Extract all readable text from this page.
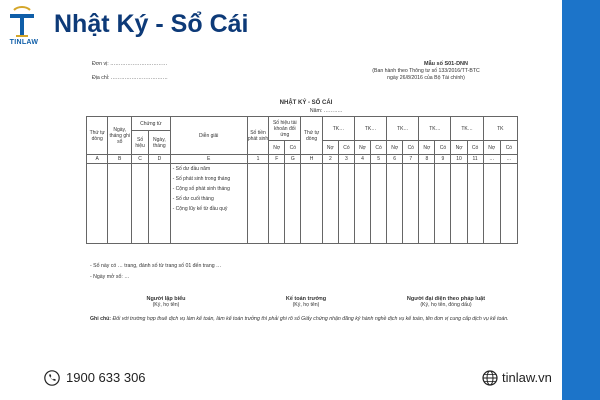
TINLAW
Nhật Ký - Sổ Cái
Đơn vị: ……………………………
Địa chỉ: ……………………………
Mẫu số S01-DNN
(Ban hành theo Thông tư số 133/2016/TT-BTC
ngày 26/8/2016 của Bộ Tài chính)
NHẬT KÝ - SỔ CÁI
Năm: ………..
Thứ tự dòng	Ngày, tháng ghi sổ	Chứng từ		Diễn giải	Số tiền phát sinh	Số hiệu tài khoản đối ứng		Thứ tự dòng	TK…		TK…		TK…		TK…		TK…		TK	
		Số hiệu	Ngày, tháng																	
						Nợ	Có		Nợ	Có	Nợ	Có	Nợ	Có	Nợ	Có	Nợ	Có	Nợ	Có
A	B	C	D	E	1	F	G	H	2	3	4	5	6	7	8	9	10	11	…	…

				- Số dư đầu năm
- Số phát sinh trong tháng
- Cộng số phát sinh tháng
- Số dư cuối tháng
- Cộng lũy kế từ đầu quý																

- Sổ này có … trang, đánh số từ trang số 01 đến trang …
- Ngày mở sổ: …
Người lập biểu
(Ký, họ tên)
Kế toán trưởng
(Ký, họ tên)
Người đại diện theo pháp luật
(Ký, họ tên, đóng dấu)
Ghi chú: Đối với trường hợp thuê dịch vụ làm kế toán, làm kế toán trưởng thì phải ghi rõ số Giấy chứng nhận đăng ký hành nghề dịch vụ kế toán, tên đơn vị cung cấp dịch vụ kế toán.
1900 633 306	tinlaw.vn
